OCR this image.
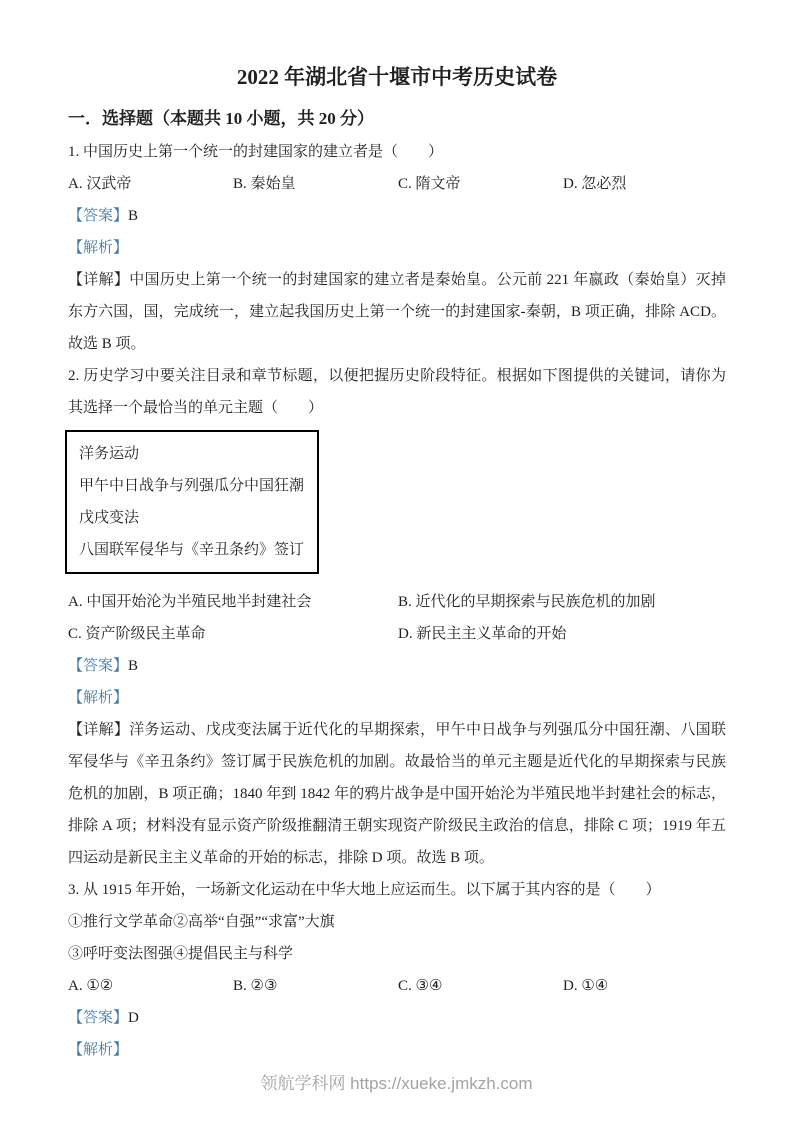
2022 年湖北省十堰市中考历史试卷
一．选择题（本题共 10 小题，共 20 分）

1. 中国历史上第一个统一的封建国家的建立者是（　　）

A. 汉武帝	B. 秦始皇	C. 隋文帝	D. 忽必烈

【答案】B

【解析】

【详解】中国历史上第一个统一的封建国家的建立者是秦始皇。公元前 221 年嬴政（秦始皇）灭掉东方六国，国，完成统一，建立起我国历史上第一个统一的封建国家-秦朝，B 项正确，排除 ACD。故选 B 项。

2. 历史学习中要关注目录和章节标题，以便把握历史阶段特征。根据如下图提供的关键词，请你为其选择一个最恰当的单元主题（　　）

洋务运动

甲午中日战争与列强瓜分中国狂潮

戊戌变法

八国联军侵华与《辛丑条约》签订

A. 中国开始沦为半殖民地半封建社会	B. 近代化的早期探索与民族危机的加剧
C. 资产阶级民主革命	D. 新民主主义革命的开始

【答案】B

【解析】

【详解】洋务运动、戊戌变法属于近代化的早期探索，甲午中日战争与列强瓜分中国狂潮、八国联军侵华与《辛丑条约》签订属于民族危机的加剧。故最恰当的单元主题是近代化的早期探索与民族危机的加剧，B 项正确；1840 年到 1842 年的鸦片战争是中国开始沦为半殖民地半封建社会的标志，排除 A 项；材料没有显示资产阶级推翻清王朝实现资产阶级民主政治的信息，排除 C 项；1919 年五四运动是新民主主义革命的开始的标志，排除 D 项。故选 B 项。

3. 从 1915 年开始，一场新文化运动在中华大地上应运而生。以下属于其内容的是（　　）

①推行文学革命②高举“自强”“求富”大旗

③呼吁变法图强④提倡民主与科学

A. ①②	B. ②③	C. ③④	D. ①④

【答案】D

【解析】

领航学科网 https://xueke.jmkzh.com
